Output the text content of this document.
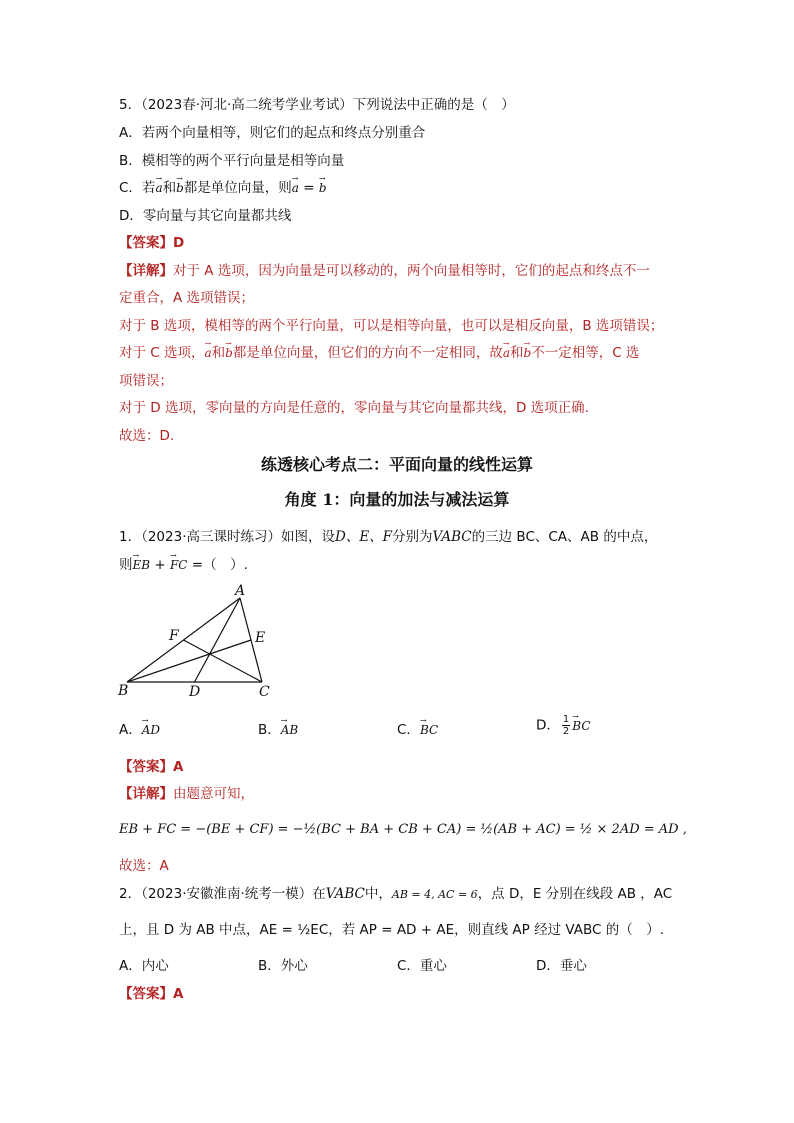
5．（2023春·河北·高二统考学业考试）下列说法中正确的是（　）
A．若两个向量相等，则它们的起点和终点分别重合
B．模相等的两个平行向量是相等向量
C．若→ a和→ b都是单位向量，则→ a = → b
D．零向量与其它向量都共线
【答案】D
【详解】对于 A 选项，因为向量是可以移动的，两个向量相等时，它们的起点和终点不一
定重合，A 选项错误；
对于 B 选项，模相等的两个平行向量，可以是相等向量，也可以是相反向量，B 选项错误；
对于 C 选项，→ a和→ b都是单位向量，但它们的方向不一定相同，故→ a和→ b不一定相等，C 选
项错误；
对于 D 选项，零向量的方向是任意的，零向量与其它向量都共线，D 选项正确.
故选：D.
练透核心考点二：平面向量的线性运算
角度 1：向量的加法与减法运算
1．（2023·高三课时练习）如图，设D、E、F分别为VABC的三边 BC、CA、AB 的中点，
则→ EB + → FC =（　）.
A
B	C
D
E
F
A．→ AD	B．→ AB	C．→ BC	D． $\frac{1}{2}$ → BC
【答案】A
【详解】由题意可知，
EB + FC = −(BE + CF) = −½(BC + BA + CB + CA) = ½(AB + AC) = ½ × 2AD = AD ,
故选：A
2．（2023·安徽淮南·统考一模）在VABC中，AB = 4, AC = 6，点 D，E 分别在线段 AB ，AC
上，且 D 为 AB 中点，AE = ½EC，若 AP = AD + AE，则直线 AP 经过 VABC 的（　）.
A．内心	B．外心	C．重心	D．垂心
【答案】A
